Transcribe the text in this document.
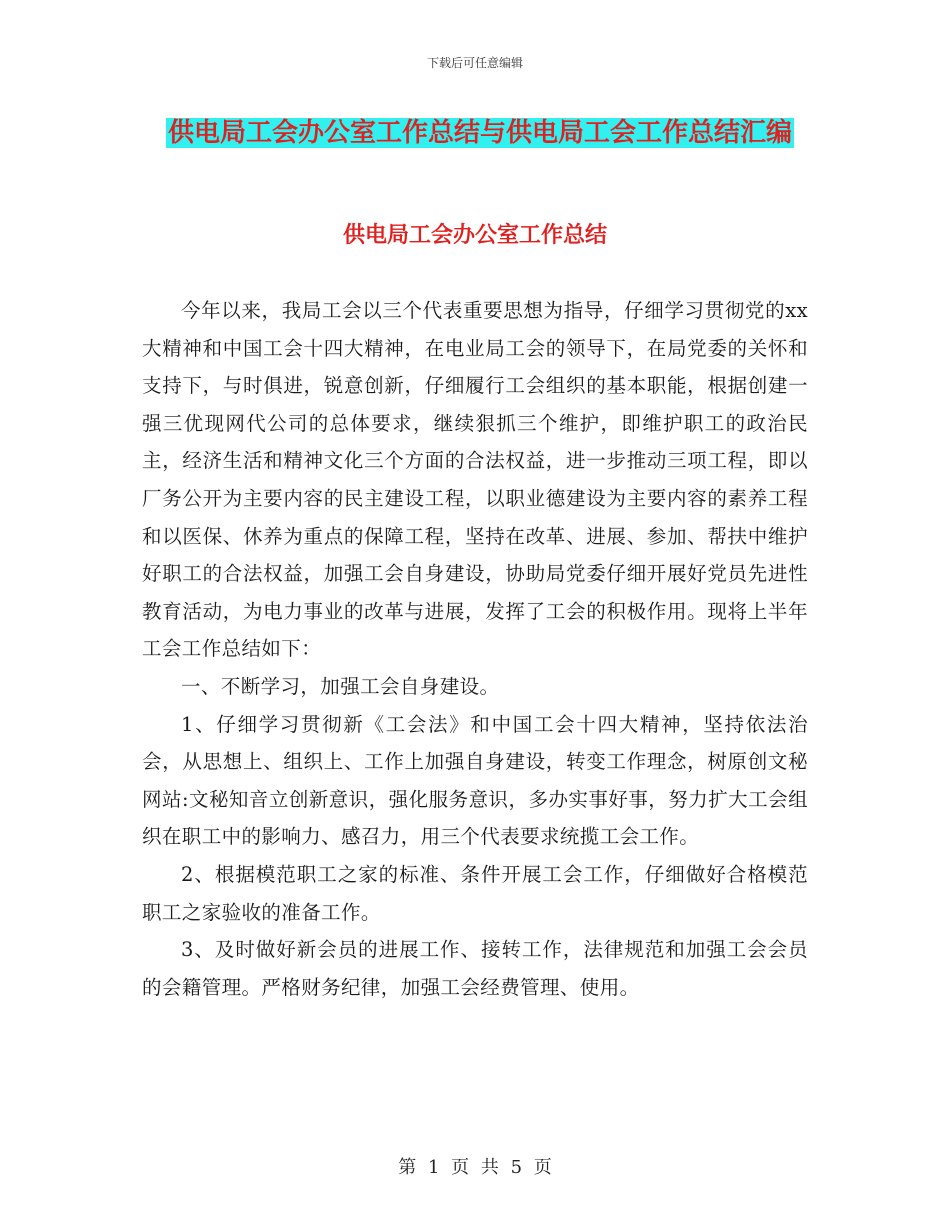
下载后可任意编辑
供电局工会办公室工作总结与供电局工会工作总结汇编
供电局工会办公室工作总结

今年以来，我局工会以三个代表重要思想为指导，仔细学习贯彻党的xx大精神和中国工会十四大精神，在电业局工会的领导下，在局党委的关怀和支持下，与时俱进，锐意创新，仔细履行工会组织的基本职能，根据创建一强三优现网代公司的总体要求，继续狠抓三个维护，即维护职工的政治民主，经济生活和精神文化三个方面的合法权益，进一步推动三项工程，即以厂务公开为主要内容的民主建设工程，以职业德建设为主要内容的素养工程和以医保、休养为重点的保障工程，坚持在改革、进展、参加、帮扶中维护好职工的合法权益，加强工会自身建设，协助局党委仔细开展好党员先进性教育活动，为电力事业的改革与进展，发挥了工会的积极作用。现将上半年工会工作总结如下：

一、不断学习，加强工会自身建设。

1、仔细学习贯彻新《工会法》和中国工会十四大精神，坚持依法治会，从思想上、组织上、工作上加强自身建设，转变工作理念，树原创文秘网站:文秘知音立创新意识，强化服务意识，多办实事好事，努力扩大工会组织在职工中的影响力、感召力，用三个代表要求统揽工会工作。

2、根据模范职工之家的标准、条件开展工会工作，仔细做好合格模范职工之家验收的准备工作。

3、及时做好新会员的进展工作、接转工作，法律规范和加强工会会员的会籍管理。严格财务纪律，加强工会经费管理、使用。

第 1 页 共 5 页
